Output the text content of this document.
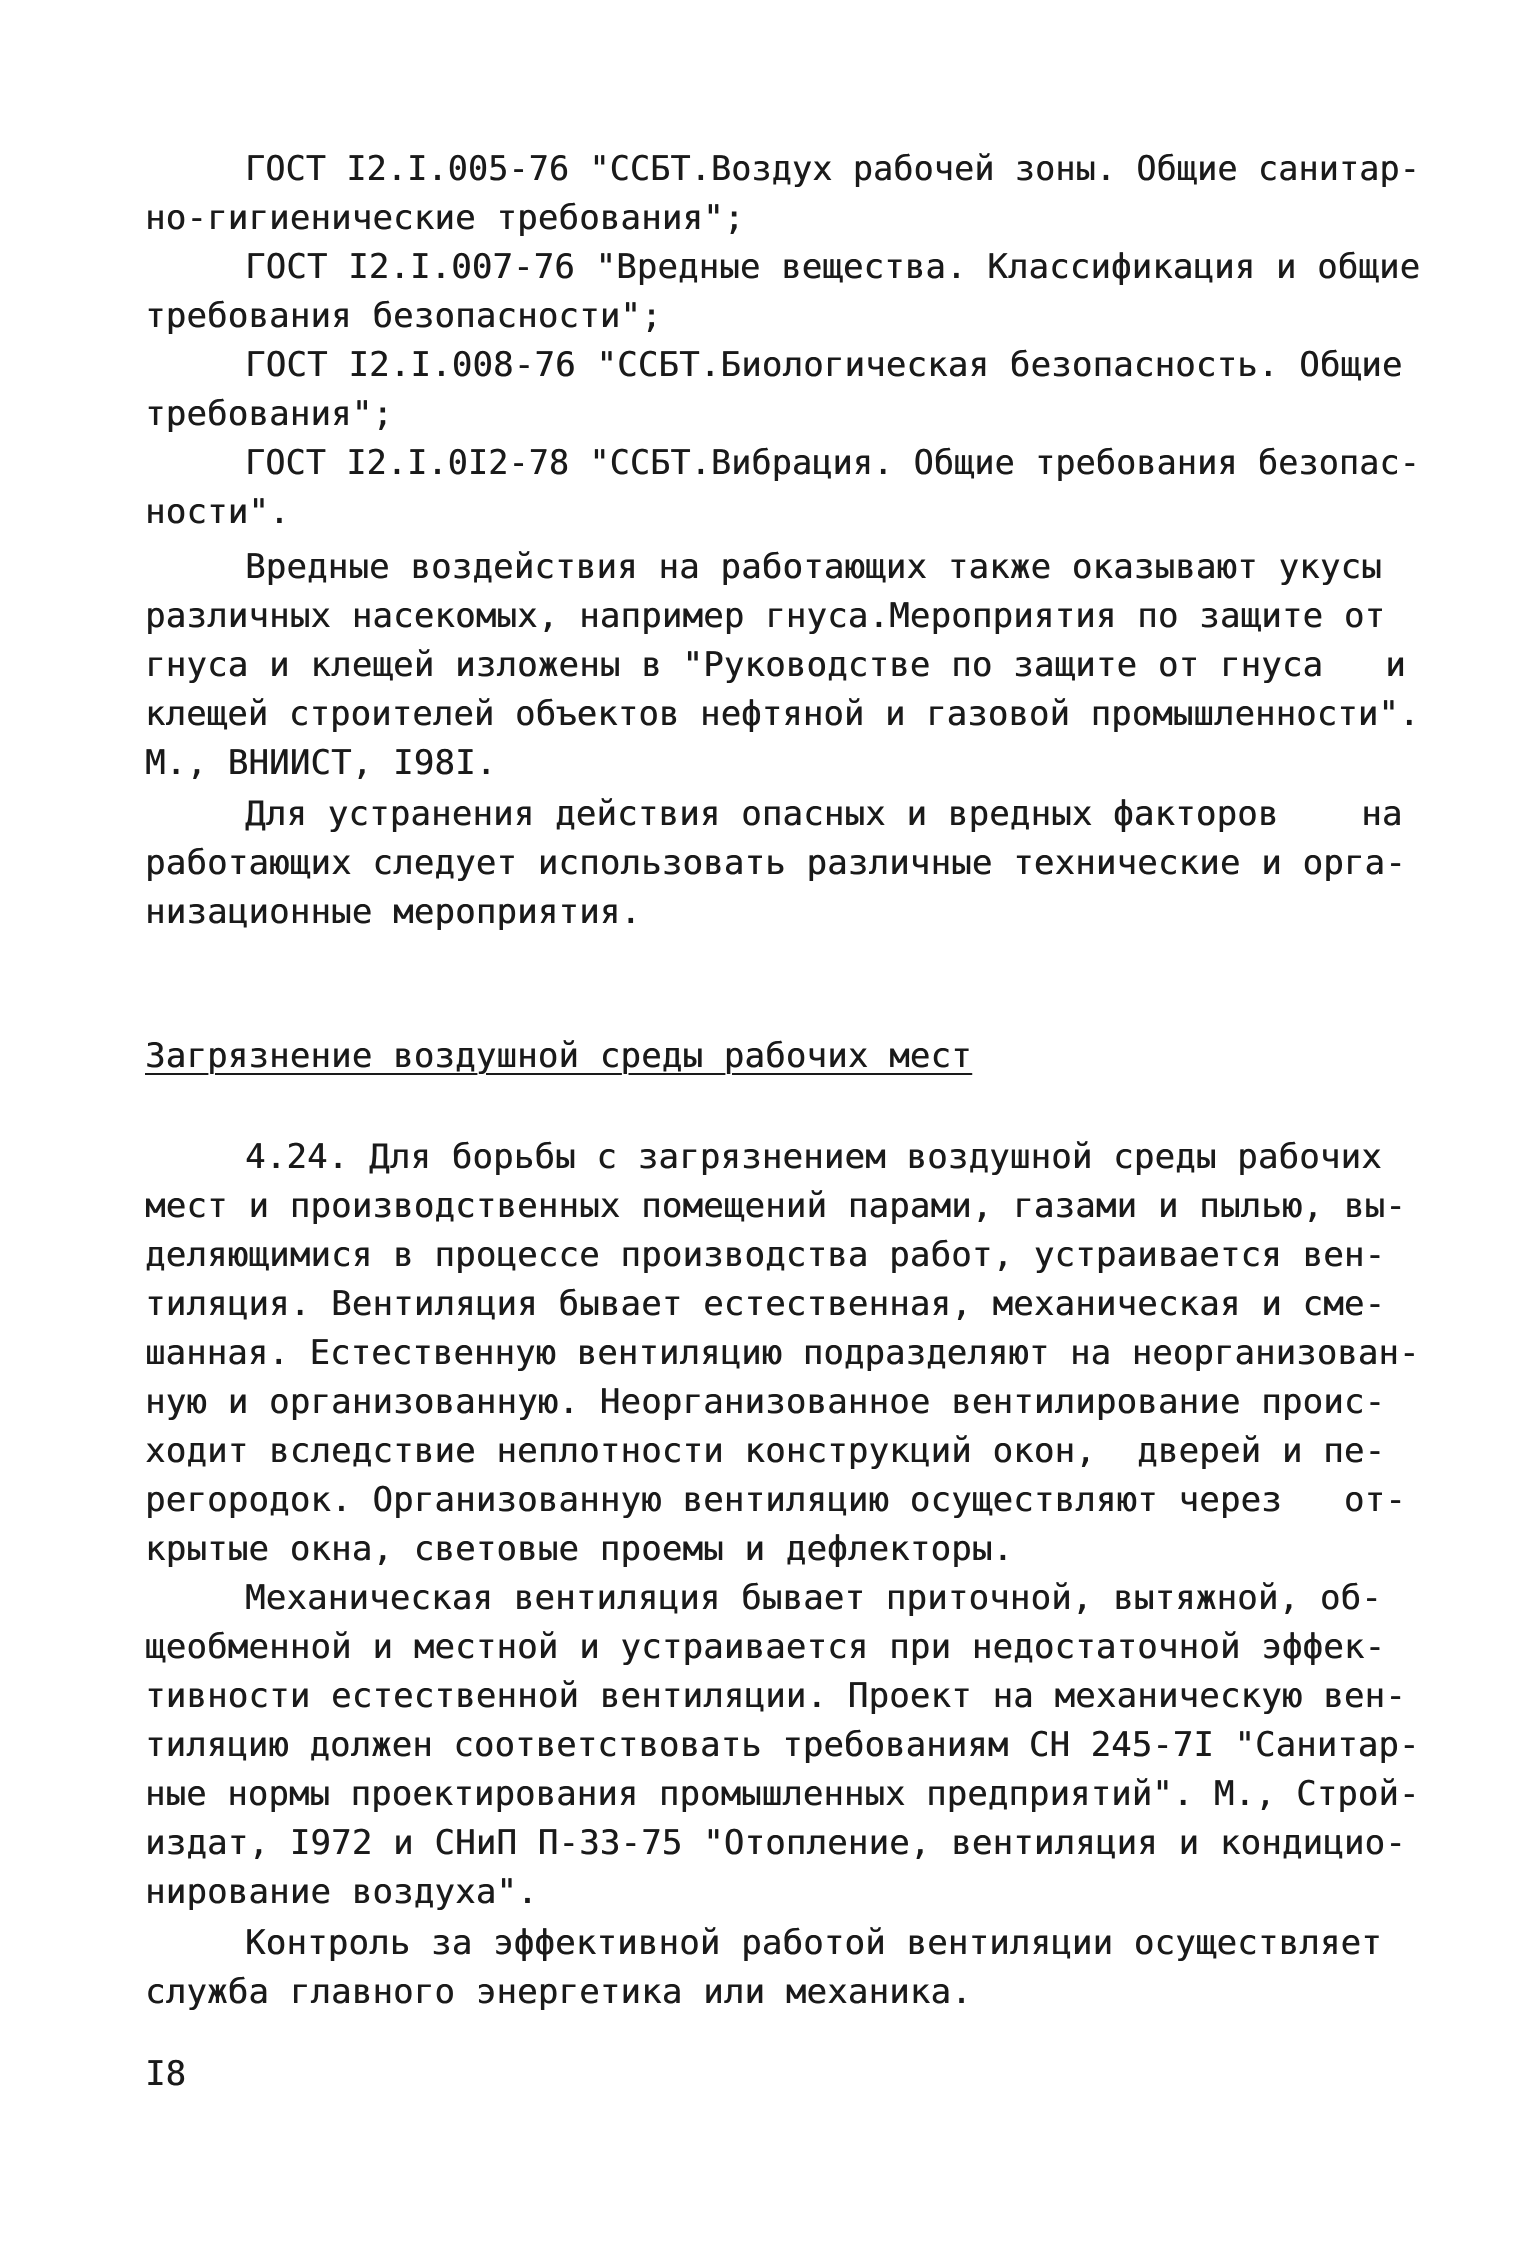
ГОСТ I2.I.005-76 "ССБТ.Воздух рабочей зоны. Общие санитар-
но-гигиенические требования";
ГОСТ I2.I.007-76 "Вредные вещества. Классификация и общие
требования безопасности";
ГОСТ I2.I.008-76 "ССБТ.Биологическая безопасность. Общие
требования";
ГОСТ I2.I.0I2-78 "ССБТ.Вибрация. Общие требования безопас-
ности".
Вредные воздействия на работающих также оказывают укусы
различных насекомых, например гнуса.Мероприятия по защите от
гнуса и клещей изложены в "Руководстве по защите от гнуса   и
клещей строителей объектов нефтяной и газовой промышленности".
М., ВНИИСТ, I98I.
Для устранения действия опасных и вредных факторов    на
работающих следует использовать различные технические и орга-
низационные мероприятия.
Загрязнение воздушной среды рабочих мест
4.24. Для борьбы с загрязнением воздушной среды рабочих
мест и производственных помещений парами, газами и пылью, вы-
деляющимися в процессе производства работ, устраивается вен-
тиляция. Вентиляция бывает естественная, механическая и сме-
шанная. Естественную вентиляцию подразделяют на неорганизован-
ную и организованную. Неорганизованное вентилирование проис-
ходит вследствие неплотности конструкций окон,  дверей и пе-
регородок. Организованную вентиляцию осуществляют через   от-
крытые окна, световые проемы и дефлекторы.
Механическая вентиляция бывает приточной, вытяжной, об-
щеобменной и местной и устраивается при недостаточной эффек-
тивности естественной вентиляции. Проект на механическую вен-
тиляцию должен соответствовать требованиям СН 245-7I "Санитар-
ные нормы проектирования промышленных предприятий". М., Строй-
издат, I972 и СНиП П-33-75 "Отопление, вентиляция и кондицио-
нирование воздуха".
Контроль за эффективной работой вентиляции осуществляет
служба главного энергетика или механика.
I8
